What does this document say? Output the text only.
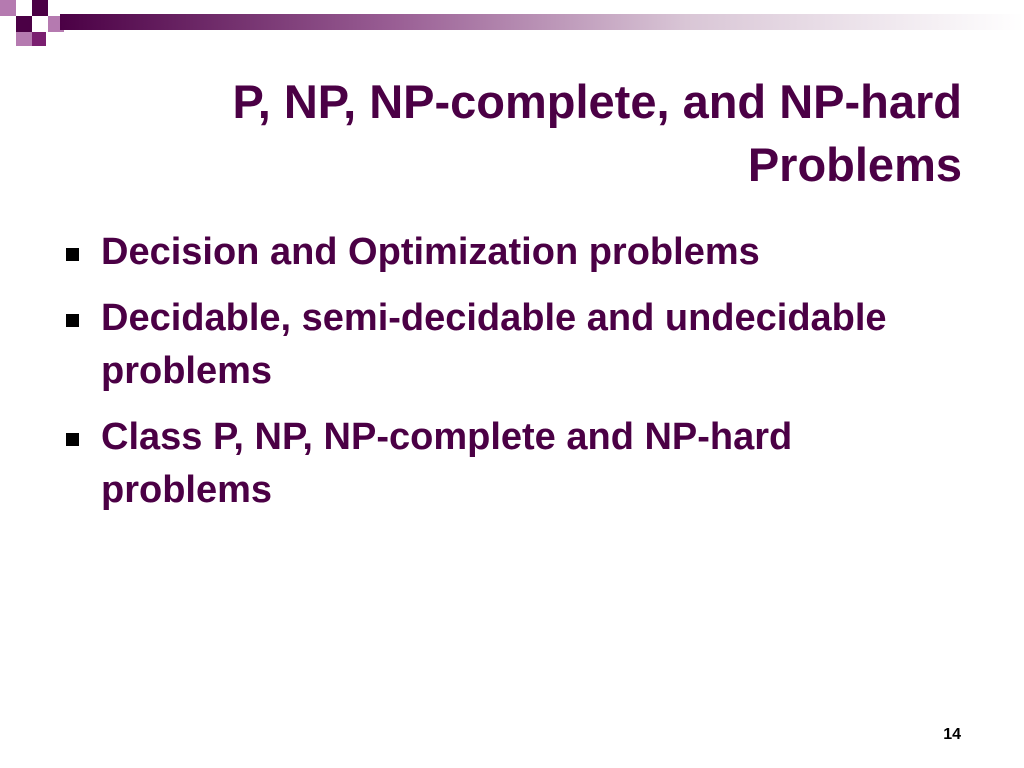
P, NP, NP-complete, and NP-hard Problems
Decision and Optimization problems
Decidable, semi-decidable and undecidable problems
Class P, NP, NP-complete and NP-hard problems
14
